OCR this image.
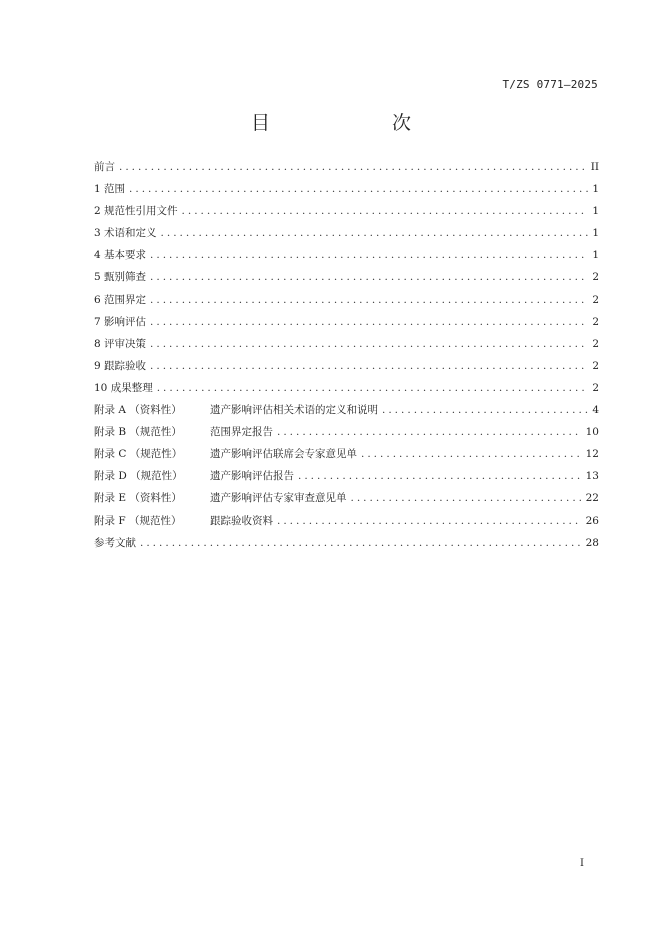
T/ZS 0771—2025
目　　次
前言 .....	II
1 范围 .....	1
2 规范性引用文件 .....	1
3 术语和定义 .....	1
4 基本要求 .....	1
5 甄别筛查 .....	2
6 范围界定 .....	2
7 影响评估 .....	2
8 评审决策 .....	2
9 跟踪验收 .....	2
10 成果整理 .....	2
附录 A （资料性）	遗产影响评估相关术语的定义和说明 .....	4
附录 B （规范性）	范围界定报告 .....	10
附录 C （规范性）	遗产影响评估联席会专家意见单 .....	12
附录 D （规范性）	遗产影响评估报告 .....	13
附录 E （资料性）	遗产影响评估专家审查意见单 .....	22
附录 F （规范性）	跟踪验收资料 .....	26
参考文献 .....	28
I
